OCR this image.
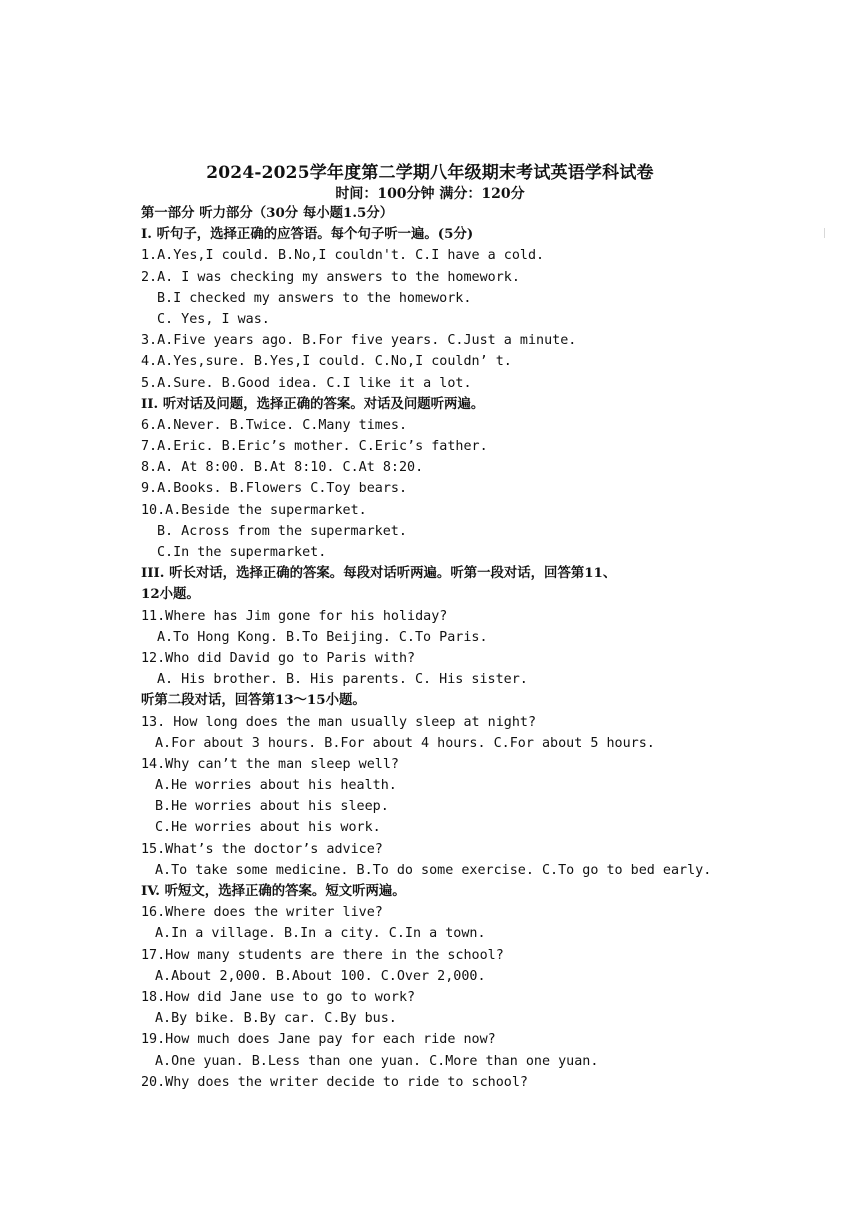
2024-2025学年度第二学期八年级期末考试英语学科试卷
时间：100分钟 满分：120分
第一部分 听力部分（30分 每小题1.5分）
I. 听句子，选择正确的应答语。每个句子听一遍。(5分)
1.A.Yes,I could. B.No,I couldn't. C.I have a cold.
2.A. I was checking my answers to the homework.
B.I checked my answers to the homework.
C. Yes, I was.
3.A.Five years ago. B.For five years. C.Just a minute.
4.A.Yes,sure. B.Yes,I could. C.No,I couldn’ t.
5.A.Sure. B.Good idea. C.I like it a lot.
II. 听对话及问题，选择正确的答案。对话及问题听两遍。
6.A.Never. B.Twice. C.Many times.
7.A.Eric. B.Eric’s mother. C.Eric’s father.
8.A. At 8:00. B.At 8:10. C.At 8:20.
9.A.Books. B.Flowers C.Toy bears.
10.A.Beside the supermarket.
B. Across from the supermarket.
C.In the supermarket.
III. 听长对话，选择正确的答案。每段对话听两遍。听第一段对话，回答第11、
12小题。
11.Where has Jim gone for his holiday?
A.To Hong Kong. B.To Beijing. C.To Paris.
12.Who did David go to Paris with?
A. His brother. B. His parents. C. His sister.
听第二段对话，回答第13～15小题。
13. How long does the man usually sleep at night?
A.For about 3 hours. B.For about 4 hours. C.For about 5 hours.
14.Why can’t the man sleep well?
A.He worries about his health.
B.He worries about his sleep.
C.He worries about his work.
15.What’s the doctor’s advice?
A.To take some medicine. B.To do some exercise. C.To go to bed early.
IV. 听短文，选择正确的答案。短文听两遍。
16.Where does the writer live?
A.In a village. B.In a city. C.In a town.
17.How many students are there in the school?
A.About 2,000. B.About 100. C.Over 2,000.
18.How did Jane use to go to work?
A.By bike. B.By car. C.By bus.
19.How much does Jane pay for each ride now?
A.One yuan. B.Less than one yuan. C.More than one yuan.
20.Why does the writer decide to ride to school?
